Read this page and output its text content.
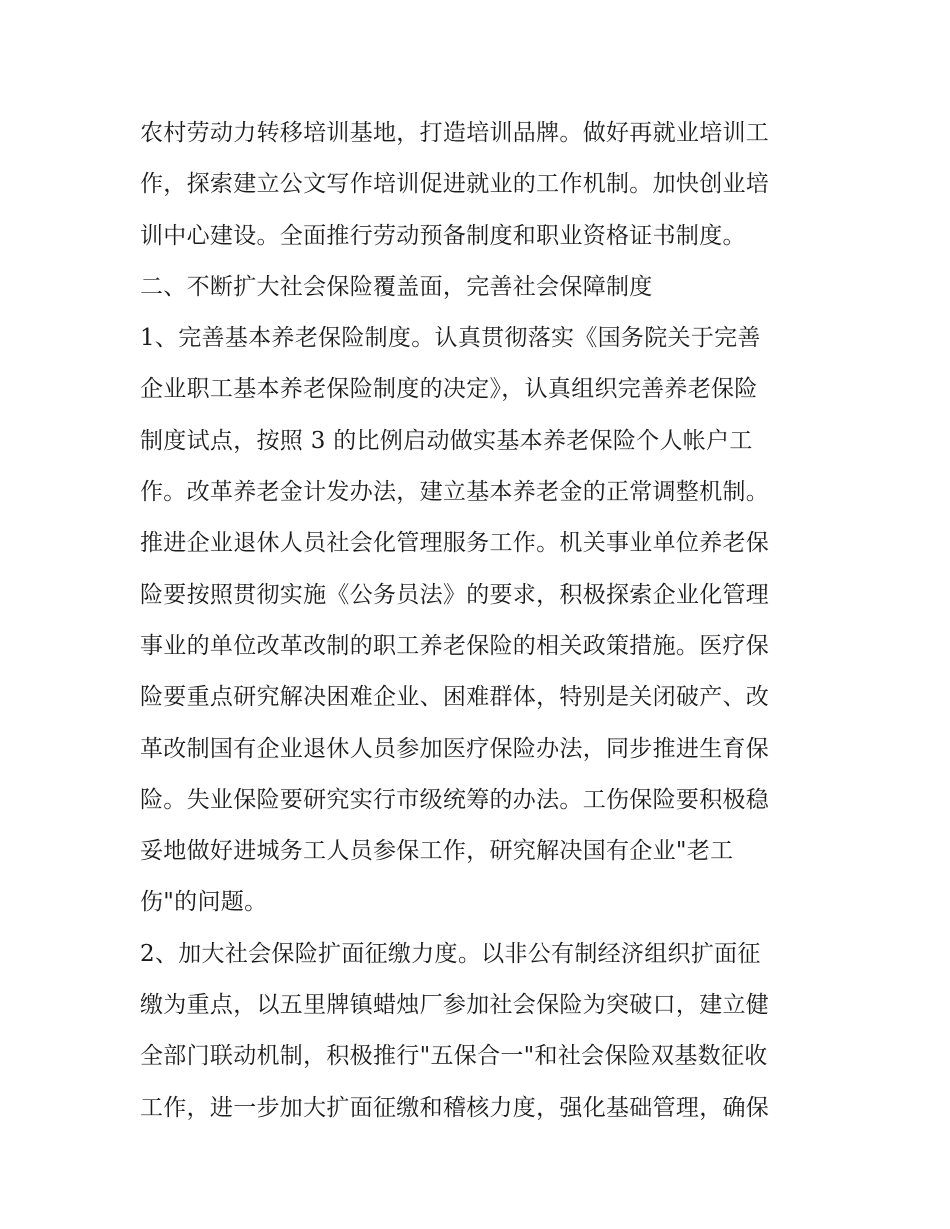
农村劳动力转移培训基地，打造培训品牌。做好再就业培训工
作，探索建立公文写作培训促进就业的工作机制。加快创业培
训中心建设。全面推行劳动预备制度和职业资格证书制度。
二、不断扩大社会保险覆盖面，完善社会保障制度
1、完善基本养老保险制度。认真贯彻落实《国务院关于完善
企业职工基本养老保险制度的决定》，认真组织完善养老保险
制度试点，按照 3 的比例启动做实基本养老保险个人帐户工
作。改革养老金计发办法，建立基本养老金的正常调整机制。
推进企业退休人员社会化管理服务工作。机关事业单位养老保
险要按照贯彻实施《公务员法》的要求，积极探索企业化管理
事业的单位改革改制的职工养老保险的相关政策措施。医疗保
险要重点研究解决困难企业、困难群体，特别是关闭破产、改
革改制国有企业退休人员参加医疗保险办法，同步推进生育保
险。失业保险要研究实行市级统筹的办法。工伤保险要积极稳
妥地做好进城务工人员参保工作，研究解决国有企业"老工
伤"的问题。
2、加大社会保险扩面征缴力度。以非公有制经济组织扩面征
缴为重点，以五里牌镇蜡烛厂参加社会保险为突破口，建立健
全部门联动机制，积极推行"五保合一"和社会保险双基数征收
工作，进一步加大扩面征缴和稽核力度，强化基础管理，确保
